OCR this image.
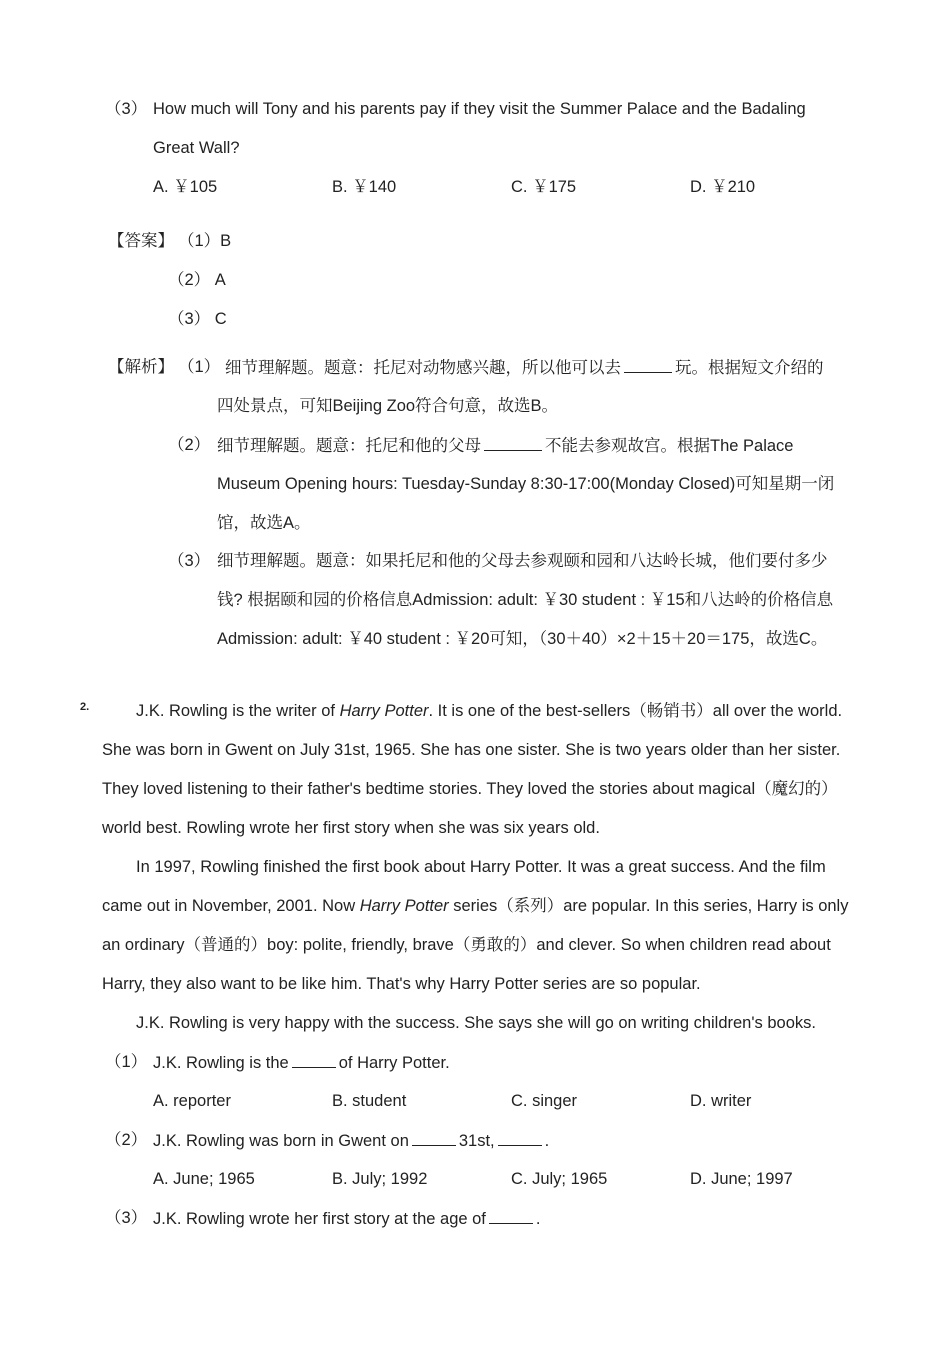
（3） How much will Tony and his parents pay if they visit the Summer Palace and the Badaling
Great Wall?
A. ￥105	B. ￥140	C. ￥175	D. ￥210
【答案】 （1）B
（2） A
（3） C
【解析】 （1） 细节理解题。题意：托尼对动物感兴趣，所以他可以去	玩。根据短文介绍的
四处景点，可知Beijing Zoo符合句意，故选B。
（2） 细节理解题。题意：托尼和他的父母	不能去参观故宫。根据The Palace
Museum Opening hours: Tuesday-Sunday 8:30-17:00(Monday Closed)可知星期一闭
馆，故选A。
（3） 细节理解题。题意：如果托尼和他的父母去参观颐和园和八达岭长城，他们要付多少
钱? 根据颐和园的价格信息Admission: adult: ￥30 student : ￥15和八达岭的价格信息
Admission: adult: ￥40 student : ￥20可知，（30＋40）×2＋15＋20＝175，故选C。
2.	J.K. Rowling is the writer of Harry Potter. It is one of the best-sellers（畅销书）all over the world.
She was born in Gwent on July 31st, 1965. She has one sister. She is two years older than her sister.
They loved listening to their father's bedtime stories. They loved the stories about magical（魔幻的）
world best. Rowling wrote her first story when she was six years old.
In 1997, Rowling finished the first book about Harry Potter. It was a great success. And the film
came out in November, 2001. Now Harry Potter series（系列）are popular. In this series, Harry is only
an ordinary（普通的）boy: polite, friendly, brave（勇敢的）and clever. So when children read about
Harry, they also want to be like him. That's why Harry Potter series are so popular.
J.K. Rowling is very happy with the success. She says she will go on writing children's books.
（1） J.K. Rowling is the	of Harry Potter.
A. reporter	B. student	C. singer	D. writer
（2） J.K. Rowling was born in Gwent on	31st,	.
A. June; 1965	B. July; 1992	C. July; 1965	D. June; 1997
（3） J.K. Rowling wrote her first story at the age of	.
